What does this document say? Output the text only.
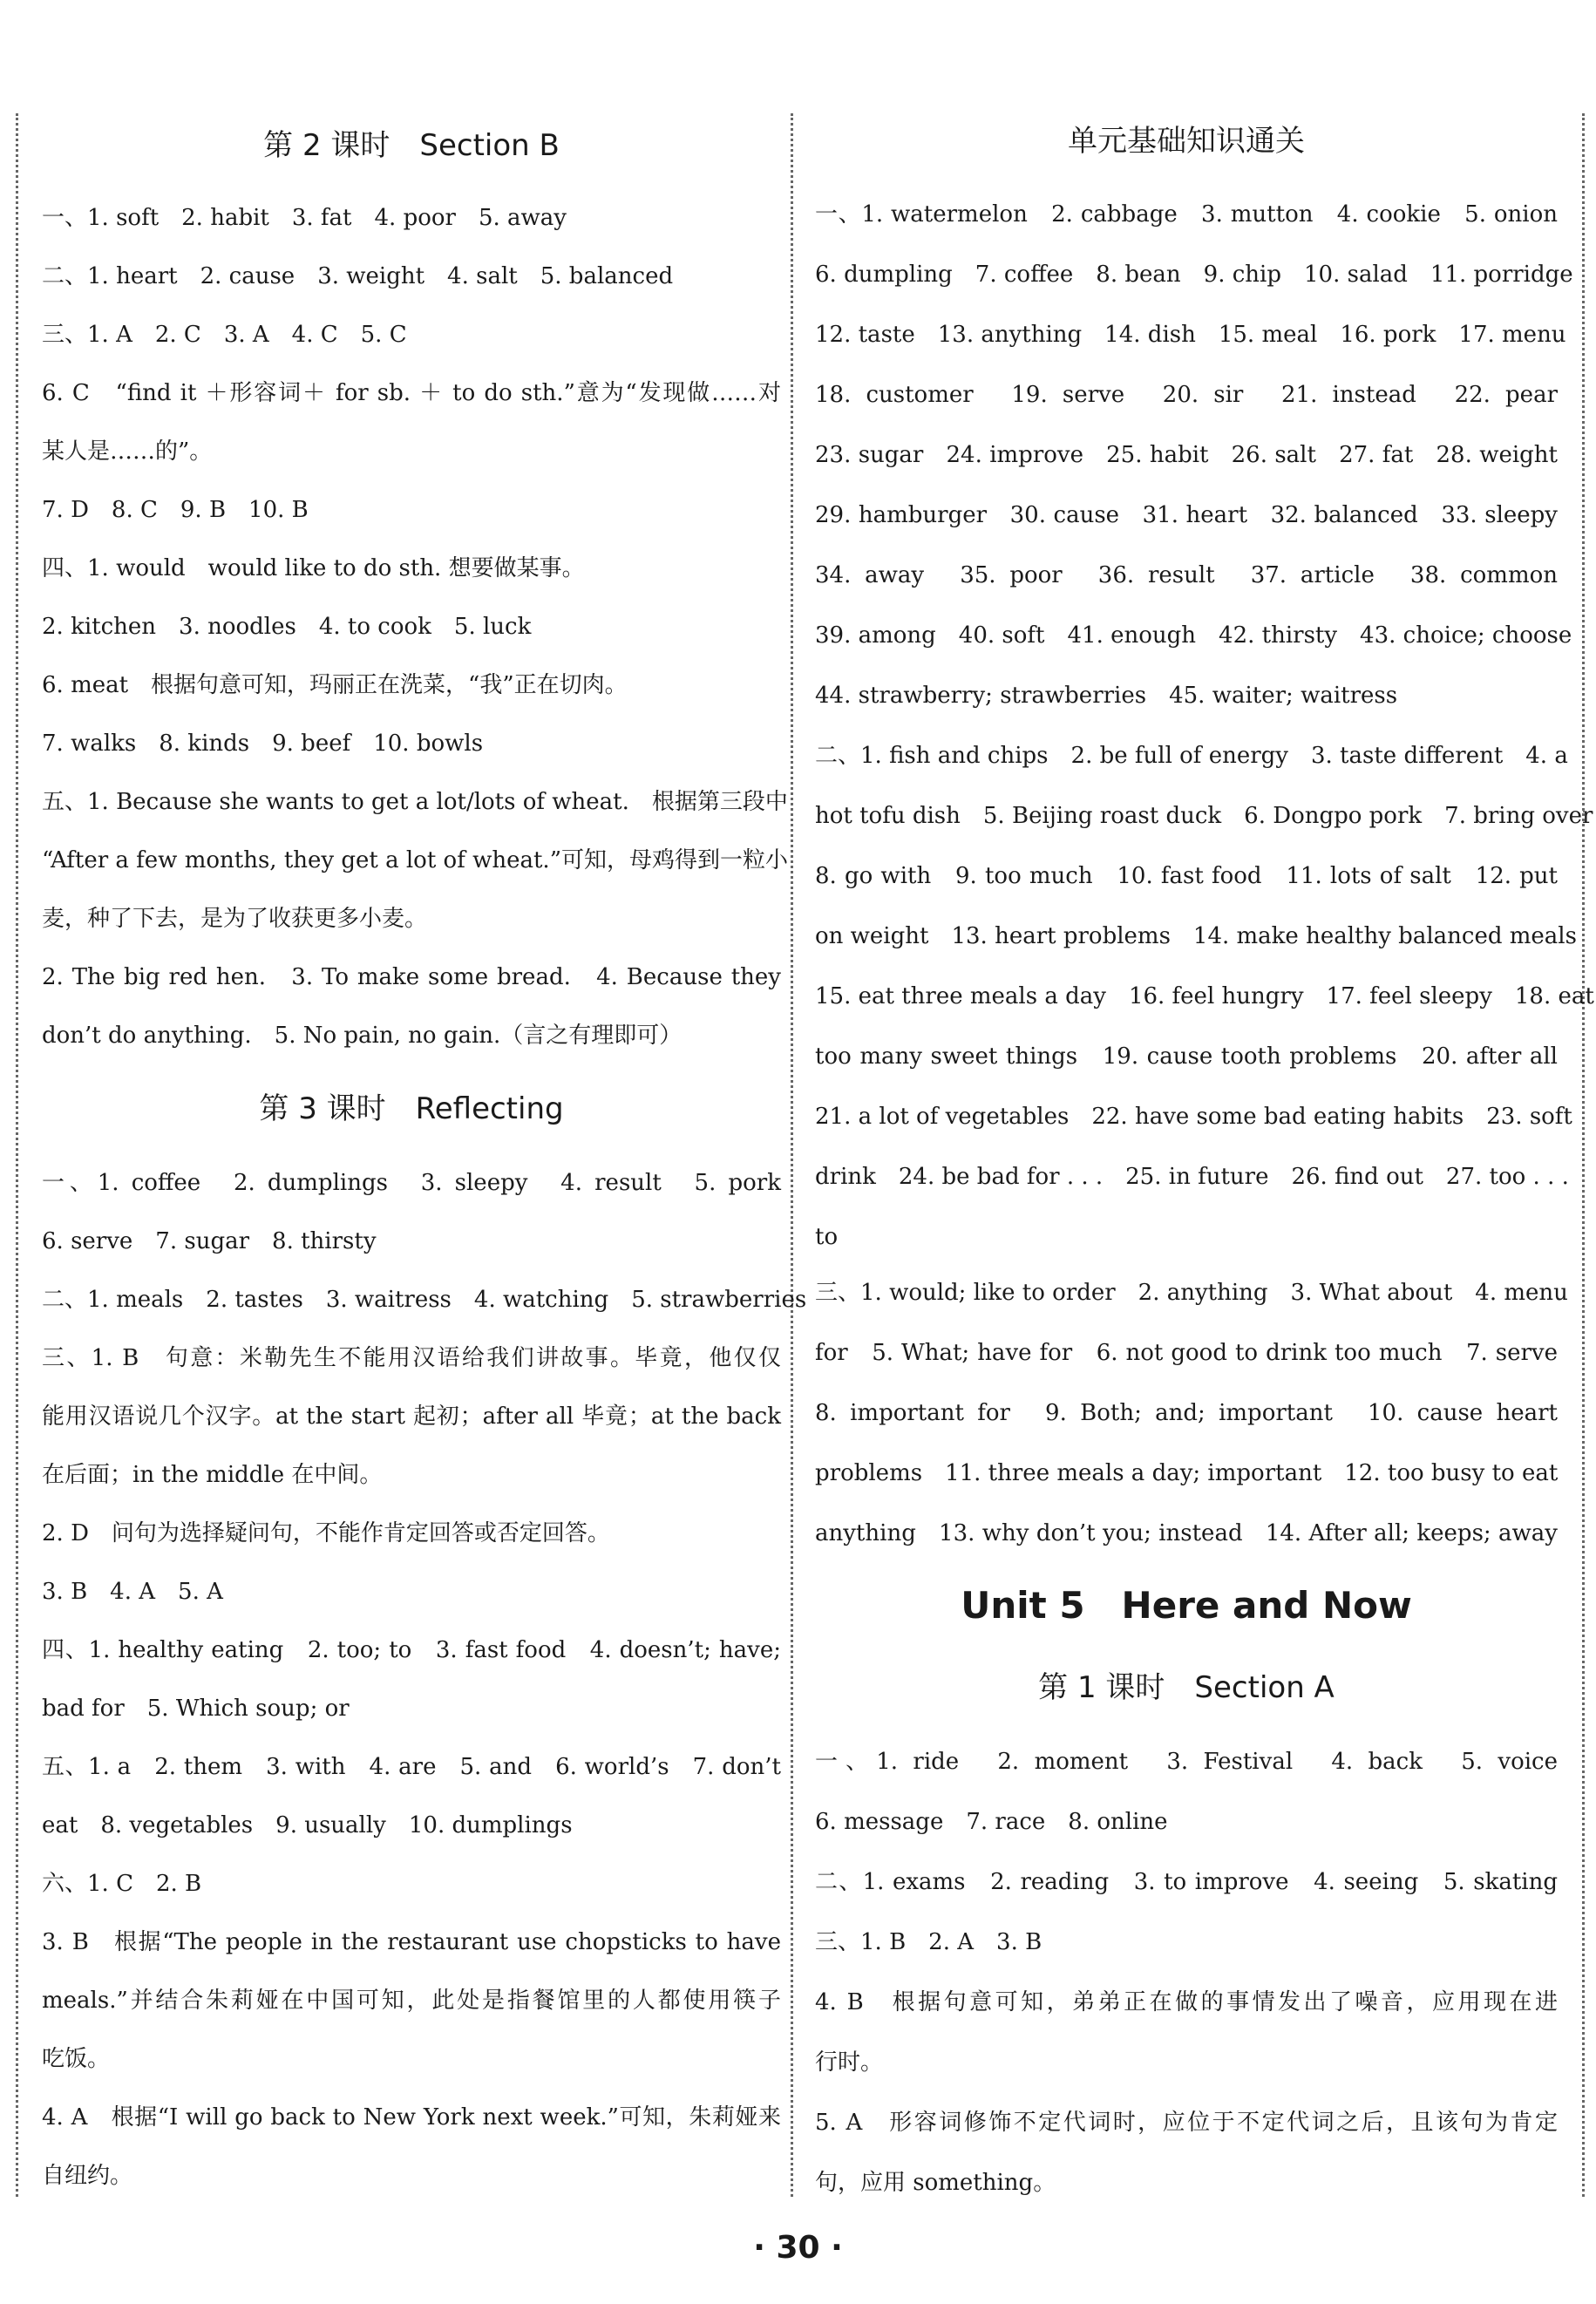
第 2 课时　Section B
一、1. soft　2. habit　3. fat　4. poor　5. away
二、1. heart　2. cause　3. weight　4. salt　5. balanced
三、1. A　2. C　3. A　4. C　5. C
6. C　“find it ＋形容词＋ for sb. ＋ to do sth.”意为“发现做……对
某人是……的”。
7. D　8. C　9. B　10. B
四、1. would　would like to do sth. 想要做某事。
2. kitchen　3. noodles　4. to cook　5. luck
6. meat　根据句意可知，玛丽正在洗菜，“我”正在切肉。
7. walks　8. kinds　9. beef　10. bowls
五、1. Because she wants to get a lot/lots of wheat.　根据第三段中
“After a few months, they get a lot of wheat.”可知，母鸡得到一粒小
麦，种了下去，是为了收获更多小麦。
2. The big red hen.　3. To make some bread.　4. Because they
don’t do anything.　5. No pain, no gain.（言之有理即可）
第 3 课时　Reflecting
一、1. coffee　2. dumplings　3. sleepy　4. result　5. pork
6. serve　7. sugar　8. thirsty
二、1. meals　2. tastes　3. waitress　4. watching　5. strawberries
三、1. B　句意：米勒先生不能用汉语给我们讲故事。毕竟，他仅仅
能用汉语说几个汉字。at the start 起初；after all 毕竟；at the back
在后面；in the middle 在中间。
2. D　问句为选择疑问句，不能作肯定回答或否定回答。
3. B　4. A　5. A
四、1. healthy eating　2. too; to　3. fast food　4. doesn’t; have;
bad for　5. Which soup; or
五、1. a　2. them　3. with　4. are　5. and　6. world’s　7. don’t
eat　8. vegetables　9. usually　10. dumplings
六、1. C　2. B
3. B　根据“The people in the restaurant use chopsticks to have
meals.”并结合朱莉娅在中国可知，此处是指餐馆里的人都使用筷子
吃饭。
4. A　根据“I will go back to New York next week.”可知，朱莉娅来
自纽约。
单元基础知识通关
一、1. watermelon　2. cabbage　3. mutton　4. cookie　5. onion
6. dumpling　7. coffee　8. bean　9. chip　10. salad　11. porridge
12. taste　13. anything　14. dish　15. meal　16. pork　17. menu
18. customer　19. serve　20. sir　21. instead　22. pear
23. sugar　24. improve　25. habit　26. salt　27. fat　28. weight
29. hamburger　30. cause　31. heart　32. balanced　33. sleepy
34. away　35. poor　36. result　37. article　38. common
39. among　40. soft　41. enough　42. thirsty　43. choice; choose
44. strawberry; strawberries　45. waiter; waitress
二、1. fish and chips　2. be full of energy　3. taste different　4. a
hot tofu dish　5. Beijing roast duck　6. Dongpo pork　7. bring over
8. go with　9. too much　10. fast food　11. lots of salt　12. put
on weight　13. heart problems　14. make healthy balanced meals
15. eat three meals a day　16. feel hungry　17. feel sleepy　18. eat
too many sweet things　19. cause tooth problems　20. after all
21. a lot of vegetables　22. have some bad eating habits　23. soft
drink　24. be bad for . . .　25. in future　26. find out　27. too . . .
to
三、1. would; like to order　2. anything　3. What about　4. menu
for　5. What; have for　6. not good to drink too much　7. serve
8. important for　9. Both; and; important　10. cause heart
problems　11. three meals a day; important　12. too busy to eat
anything　13. why don’t you; instead　14. After all; keeps; away
Unit 5　Here and Now
第 1 课时　Section A
一、1. ride　2. moment　3. Festival　4. back　5. voice
6. message　7. race　8. online
二、1. exams　2. reading　3. to improve　4. seeing　5. skating
三、1. B　2. A　3. B
4. B　根据句意可知，弟弟正在做的事情发出了噪音，应用现在进
行时。
5. A　形容词修饰不定代词时，应位于不定代词之后，且该句为肯定
句，应用 something。
· 30 ·
